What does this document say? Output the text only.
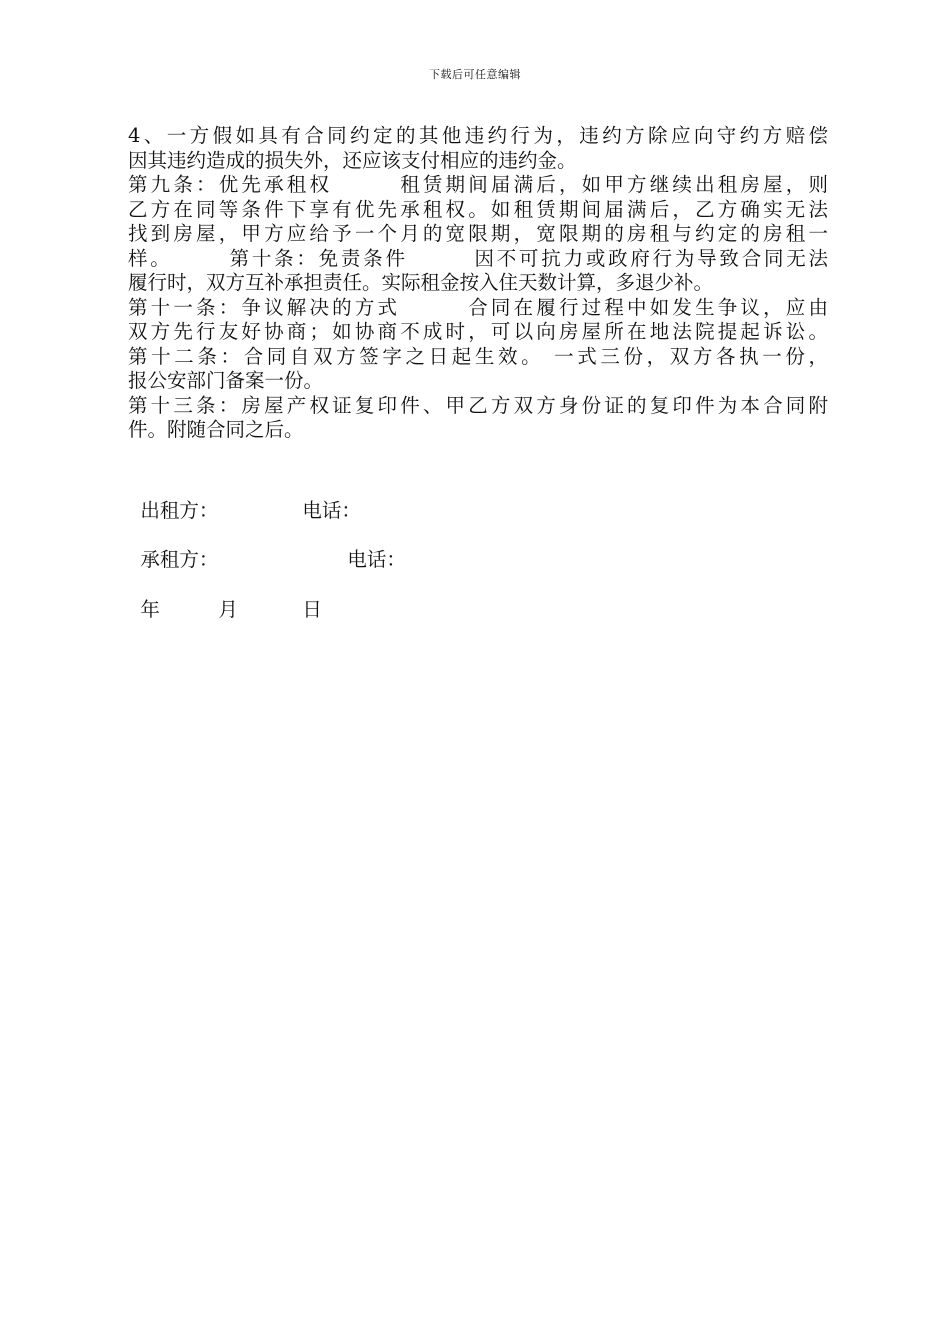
下载后可任意编辑
4、一方假如具有合同约定的其他违约行为，违约方除应向守约方赔偿
因其违约造成的损失外，还应该支付相应的违约金。
第九条：优先承租权　　　租赁期间届满后，如甲方继续出租房屋，则
乙方在同等条件下享有优先承租权。如租赁期间届满后，乙方确实无法
找到房屋，甲方应给予一个月的宽限期，宽限期的房租与约定的房租一
样。　　　第十条：免责条件　　　因不可抗力或政府行为导致合同无法
履行时，双方互补承担责任。实际租金按入住天数计算，多退少补。
第十一条：争议解决的方式　　　合同在履行过程中如发生争议，应由
双方先行友好协商；如协商不成时，可以向房屋所在地法院提起诉讼。
第十二条：合同自双方签字之日起生效。 一式三份，双方各执一份，
报公安部门备案一份。
第十三条：房屋产权证复印件、甲乙方双方身份证的复印件为本合同附
件。附随合同之后。

出租方：	电话：

承租方：	电话：

年	月	日
